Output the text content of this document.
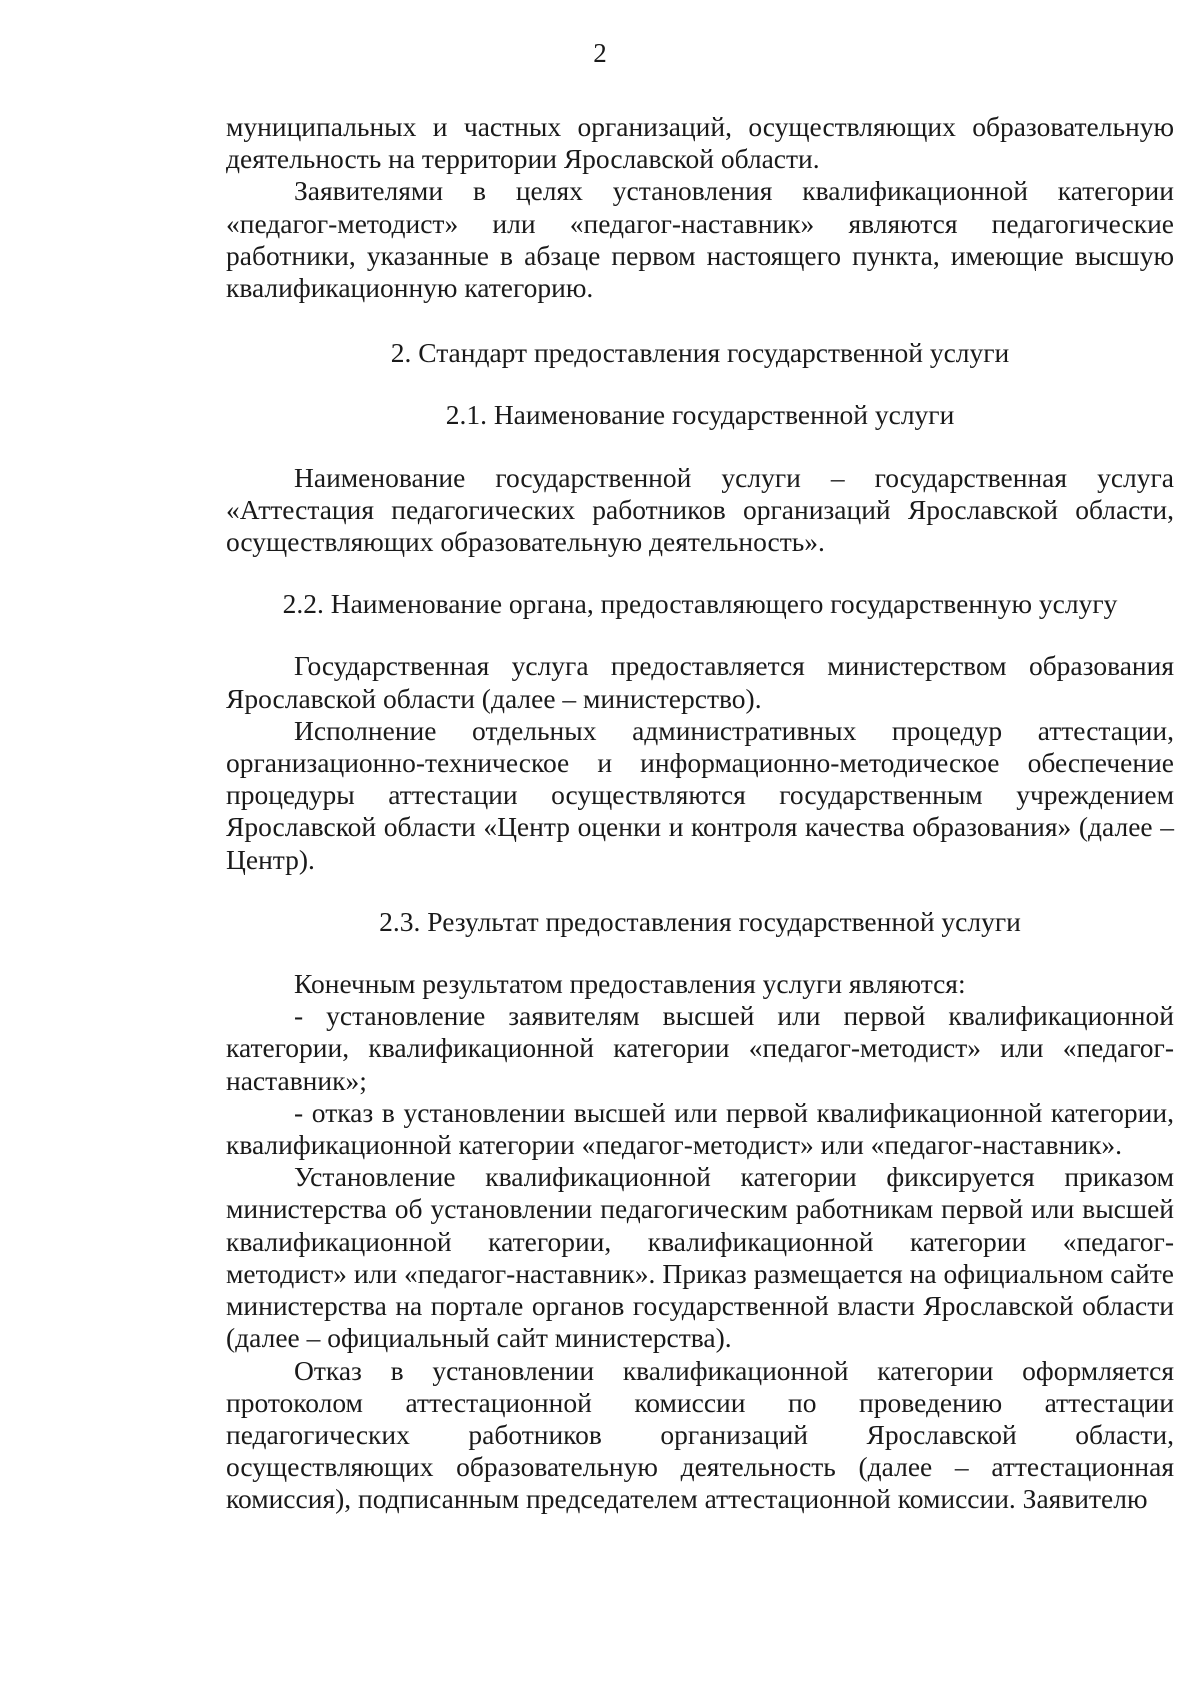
2

муниципальных и частных организаций, осуществляющих образовательную деятельность на территории Ярославской области.

Заявителями в целях установления квалификационной категории «педагог-методист» или «педагог-наставник» являются педагогические работники, указанные в абзаце первом настоящего пункта, имеющие высшую квалификационную категорию.

2. Стандарт предоставления государственной услуги
2.1. Наименование государственной услуги

Наименование государственной услуги – государственная услуга «Аттестация педагогических работников организаций Ярославской области, осуществляющих образовательную деятельность».

2.2. Наименование органа, предоставляющего государственную услугу

Государственная услуга предоставляется министерством образования Ярославской области (далее – министерство).

Исполнение отдельных административных процедур аттестации, организационно-техническое и информационно-методическое обеспечение процедуры аттестации осуществляются государственным учреждением Ярославской области «Центр оценки и контроля качества образования» (далее – Центр).

2.3. Результат предоставления государственной услуги

Конечным результатом предоставления услуги являются:

- установление заявителям высшей или первой квалификационной категории, квалификационной категории «педагог-методист» или «педагог-наставник»;

- отказ в установлении высшей или первой квалификационной категории, квалификационной категории «педагог-методист» или «педагог-наставник».

Установление квалификационной категории фиксируется приказом министерства об установлении педагогическим работникам первой или высшей квалификационной категории, квалификационной категории «педагог-методист» или «педагог-наставник». Приказ размещается на официальном сайте министерства на портале органов государственной власти Ярославской области (далее – официальный сайт министерства).

Отказ в установлении квалификационной категории оформляется протоколом аттестационной комиссии по проведению аттестации педагогических работников организаций Ярославской области, осуществляющих образовательную деятельность (далее – аттестационная комиссия), подписанным председателем аттестационной комиссии. Заявителю
